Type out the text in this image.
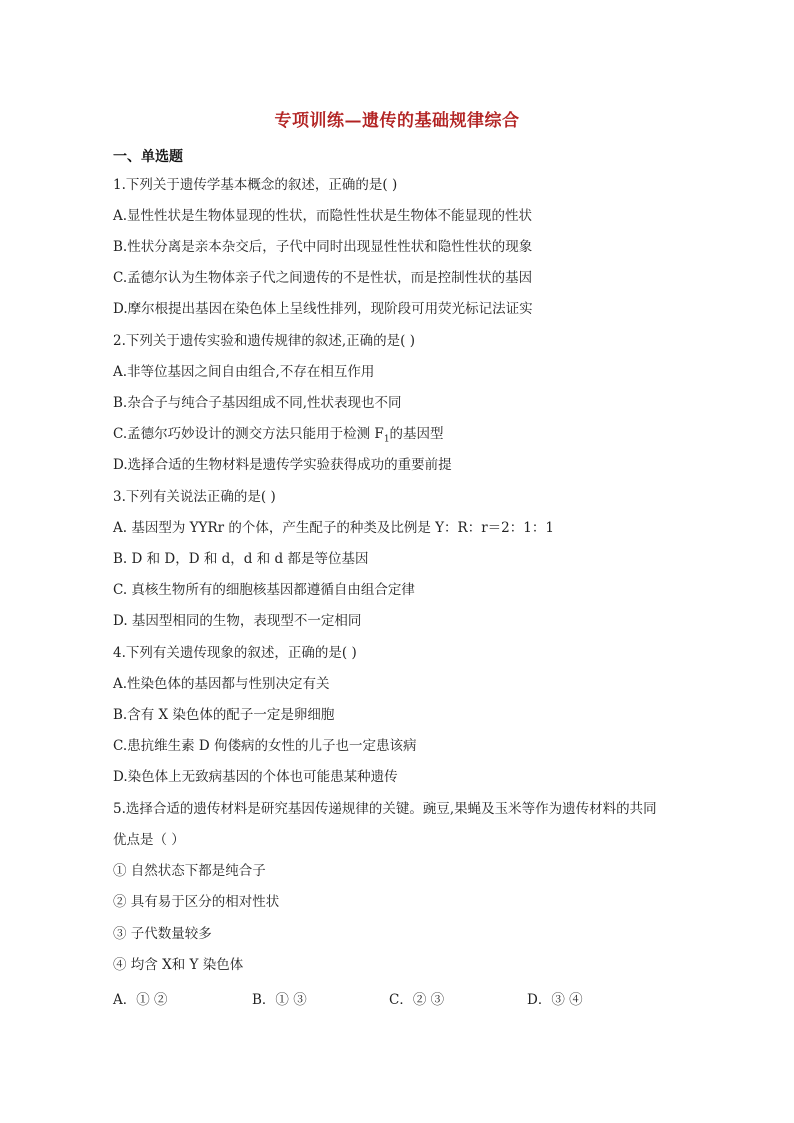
专项训练—遗传的基础规律综合
一、单选题
1.下列关于遗传学基本概念的叙述，正确的是( )
A.显性性状是生物体显现的性状，而隐性性状是生物体不能显现的性状
B.性状分离是亲本杂交后，子代中同时出现显性性状和隐性性状的现象
C.孟德尔认为生物体亲子代之间遗传的不是性状，而是控制性状的基因
D.摩尔根提出基因在染色体上呈线性排列，现阶段可用荧光标记法证实
2.下列关于遗传实验和遗传规律的叙述,正确的是( )
A.非等位基因之间自由组合,不存在相互作用
B.杂合子与纯合子基因组成不同,性状表现也不同
C.孟德尔巧妙设计的测交方法只能用于检测 $F_1$的基因型
D.选择合适的生物材料是遗传学实验获得成功的重要前提
3.下列有关说法正确的是( )
A. 基因型为 YYRr 的个体，产生配子的种类及比例是 Y：R：r＝2：1：1
B. D 和 D，D 和 d，d 和 d 都是等位基因
C. 真核生物所有的细胞核基因都遵循自由组合定律
D. 基因型相同的生物，表现型不一定相同
4.下列有关遗传现象的叙述，正确的是( )
A.性染色体的基因都与性别决定有关
B.含有 X 染色体的配子一定是卵细胞
C.患抗维生素 D 佝偻病的女性的儿子也一定患该病
D.染色体上无致病基因的个体也可能患某种遗传
5.选择合适的遗传材料是研究基因传递规律的关键。豌豆,果蝇及玉米等作为遗传材料的共同
优点是（ ）
① 自然状态下都是纯合子
② 具有易于区分的相对性状
③ 子代数量较多
④ 均含 X和 Y 染色体
A．① ②	B．① ③	C．② ③	D．③ ④
